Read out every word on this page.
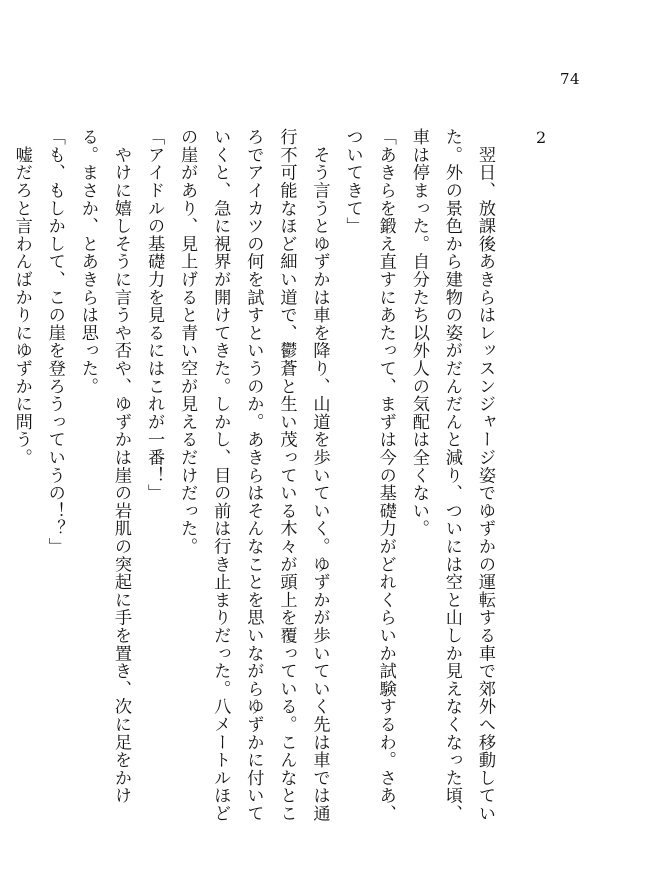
74
2
　翌日、放課後あきらはレッスンジャージ姿でゆずかの運転する車で郊外へ移動してい
た。外の景色から建物の姿がだんだんと減り、ついには空と山しか見えなくなった頃、
車は停まった。自分たち以外人の気配は全くない。
「あきらを鍛え直すにあたって、まずは今の基礎力がどれくらいか試験するわ。さあ、
ついてきて」
　そう言うとゆずかは車を降り、山道を歩いていく。ゆずかが歩いていく先は車では通
行不可能なほど細い道で、鬱蒼と生い茂っている木々が頭上を覆っている。こんなとこ
ろでアイカツの何を試すというのか。あきらはそんなことを思いながらゆずかに付いて
いくと、急に視界が開けてきた。しかし、目の前は行き止まりだった。八メートルほど
の崖があり、見上げると青い空が見えるだけだった。
「アイドルの基礎力を見るにはこれが一番！」
　やけに嬉しそうに言うや否や、ゆずかは崖の岩肌の突起に手を置き、次に足をかけ
る。まさか、とあきらは思った。
「も、もしかして、この崖を登ろうっていうの！？」
　嘘だろと言わんばかりにゆずかに問う。
